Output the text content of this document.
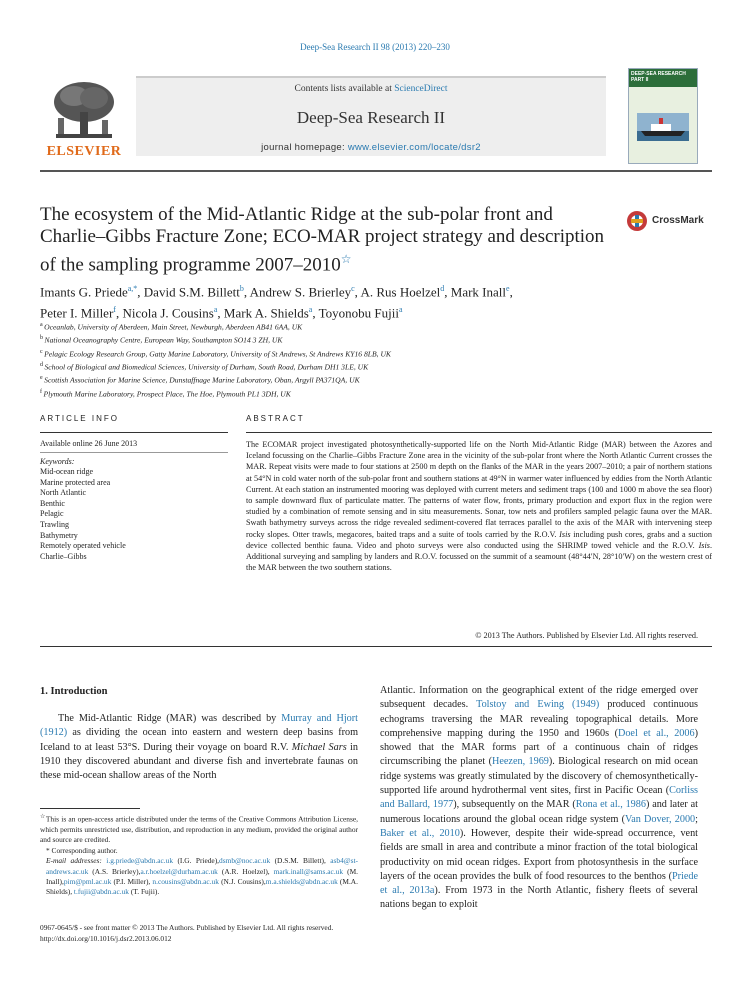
Deep-Sea Research II 98 (2013) 220–230
ELSEVIER
Contents lists available at ScienceDirect
Deep-Sea Research II
journal homepage: www.elsevier.com/locate/dsr2
DEEP-SEA RESEARCH PART II
The ecosystem of the Mid-Atlantic Ridge at the sub-polar front and Charlie–Gibbs Fracture Zone; ECO-MAR project strategy and description of the sampling programme 2007–2010☆
CrossMark
Imants G. Priede$^{a,*}$, David S.M. Billett$^b$, Andrew S. Brierley$^c$, A. Rus Hoelzel$^d$, Mark Inall$^e$,
Peter I. Miller$^f$, Nicola J. Cousins$^a$, Mark A. Shields$^a$, Toyonobu Fujii$^a$
$^a$ Oceanlab, University of Aberdeen, Main Street, Newburgh, Aberdeen AB41 6AA, UK
$^b$ National Oceanography Centre, European Way, Southampton SO14 3 ZH, UK
$^c$ Pelagic Ecology Research Group, Gatty Marine Laboratory, University of St Andrews, St Andrews KY16 8LB, UK
$^d$ School of Biological and Biomedical Sciences, University of Durham, South Road, Durham DH1 3LE, UK
$^e$ Scottish Association for Marine Science, Dunstaffnage Marine Laboratory, Oban, Argyll PA371QA, UK
$^f$ Plymouth Marine Laboratory, Prospect Place, The Hoe, Plymouth PL1 3DH, UK
ARTICLE INFO	ABSTRACT
Available online 26 June 2013
Keywords:
Mid-ocean ridge
Marine protected area
North Atlantic
Benthic
Pelagic
Trawling
Bathymetry
Remotely operated vehicle
Charlie–Gibbs
The ECOMAR project investigated photosynthetically-supported life on the North Mid-Atlantic Ridge (MAR) between the Azores and Iceland focussing on the Charlie–Gibbs Fracture Zone area in the vicinity of the sub-polar front where the North Atlantic Current crosses the MAR. Repeat visits were made to four stations at 2500 m depth on the flanks of the MAR in the years 2007–2010; a pair of northern stations at 54°N in cold water north of the sub-polar front and southern stations at 49°N in warmer water influenced by eddies from the North Atlantic Current. At each station an instrumented mooring was deployed with current meters and sediment traps (100 and 1000 m above the sea floor) to sample downward flux of particulate matter. The patterns of water flow, fronts, primary production and export flux in the region were studied by a combination of remote sensing and in situ measurements. Sonar, tow nets and profilers sampled pelagic fauna over the MAR. Swath bathymetry surveys across the ridge revealed sediment-covered flat terraces parallel to the axis of the MAR with intervening steep rocky slopes. Otter trawls, megacores, baited traps and a suite of tools carried by the R.O.V. Isis including push cores, grabs and a suction device collected benthic fauna. Video and photo surveys were also conducted using the SHRIMP towed vehicle and the R.O.V. Isis. Additional surveying and sampling by landers and R.O.V. focussed on the summit of a seamount (48°44′N, 28°10′W) on the western crest of the MAR between the two southern stations.
© 2013 The Authors. Published by Elsevier Ltd. All rights reserved.
1. Introduction

The Mid-Atlantic Ridge (MAR) was described by Murray and Hjort (1912) as dividing the ocean into eastern and western deep basins from Iceland to at least 53°S. During their voyage on board R.V. Michael Sars in 1910 they discovered abundant and diverse fish and invertebrate faunas on these mid-ocean shallow areas of the North

Atlantic. Information on the geographical extent of the ridge emerged over subsequent decades. Tolstoy and Ewing (1949) produced continuous echograms traversing the MAR revealing topographical details. More comprehensive mapping during the 1950 and 1960s (Doel et al., 2006) showed that the MAR forms part of a continuous chain of ridges circumscribing the planet (Heezen, 1969). Biological research on mid ocean ridge systems was greatly stimulated by the discovery of chemosynthetically-supported life around hydrothermal vent sites, first in Pacific Ocean (Corliss and Ballard, 1977), subsequently on the MAR (Rona et al., 1986) and later at numerous locations around the global ocean ridge system (Van Dover, 2000; Baker et al., 2010). However, despite their wide-spread occurrence, vent fields are small in area and contribute a minor fraction of the total biological productivity on mid ocean ridges. Export from photosynthesis in the surface layers of the ocean provides the bulk of food resources to the benthos (Priede et al., 2013a). From 1973 in the North Atlantic, fishery fleets of several nations began to exploit

☆This is an open-access article distributed under the terms of the Creative Commons Attribution License, which permits unrestricted use, distribution, and reproduction in any medium, provided the original author and source are credited.

* Corresponding author.

E-mail addresses: i.g.priede@abdn.ac.uk (I.G. Priede),dsmb@noc.ac.uk (D.S.M. Billett), asb4@st-andrews.ac.uk (A.S. Brierley),a.r.hoelzel@durham.ac.uk (A.R. Hoelzel), mark.inall@sams.ac.uk (M. Inall),pim@pml.ac.uk (P.I. Miller), n.cousins@abdn.ac.uk (N.J. Cousins),m.a.shields@abdn.ac.uk (M.A. Shields), t.fujii@abdn.ac.uk (T. Fujii).

0967-0645/$ - see front matter © 2013 The Authors. Published by Elsevier Ltd. All rights reserved.
http://dx.doi.org/10.1016/j.dsr2.2013.06.012
